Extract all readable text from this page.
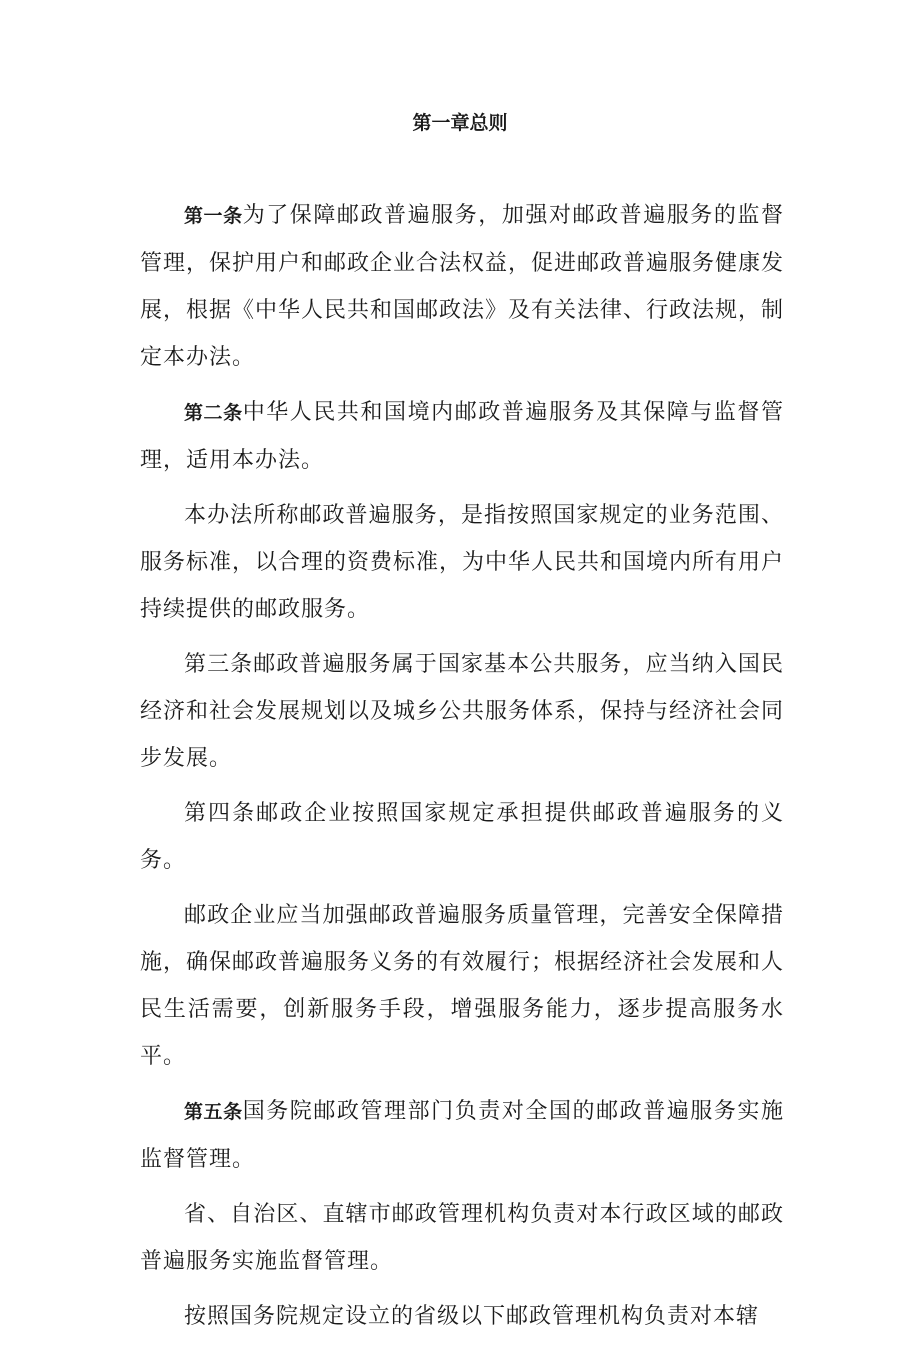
第一章总则

第一条为了保障邮政普遍服务，加强对邮政普遍服务的监督管理，保护用户和邮政企业合法权益，促进邮政普遍服务健康发展，根据《中华人民共和国邮政法》及有关法律、行政法规，制定本办法。

第二条中华人民共和国境内邮政普遍服务及其保障与监督管理，适用本办法。

本办法所称邮政普遍服务，是指按照国家规定的业务范围、服务标准，以合理的资费标准，为中华人民共和国境内所有用户持续提供的邮政服务。

第三条邮政普遍服务属于国家基本公共服务，应当纳入国民经济和社会发展规划以及城乡公共服务体系，保持与经济社会同步发展。

第四条邮政企业按照国家规定承担提供邮政普遍服务的义务。

邮政企业应当加强邮政普遍服务质量管理，完善安全保障措施，确保邮政普遍服务义务的有效履行；根据经济社会发展和人民生活需要，创新服务手段，增强服务能力，逐步提高服务水平。

第五条国务院邮政管理部门负责对全国的邮政普遍服务实施监督管理。

省、自治区、直辖市邮政管理机构负责对本行政区域的邮政普遍服务实施监督管理。

按照国务院规定设立的省级以下邮政管理机构负责对本辖
